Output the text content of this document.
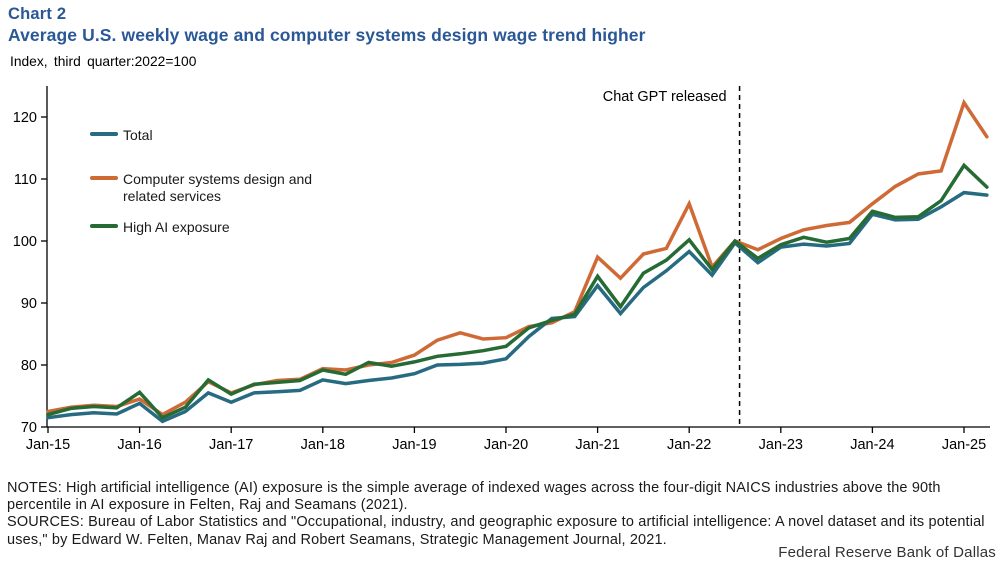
Chart 2
Average U.S. weekly wage and computer systems design wage trend higher
Index, third quarter:2022=100
70
80
90
100
110
120
Jan-15	Jan-16	Jan-17	Jan-18	Jan-19	Jan-20	Jan-21	Jan-22	Jan-23	Jan-24	Jan-25
Chat GPT released
Total
Computer systems design and
related services
High AI exposure
NOTES: High artificial intelligence (AI) exposure is the simple average of indexed wages across the four-digit NAICS industries above the 90th
percentile in AI exposure in Felten, Raj and Seamans (2021).
SOURCES: Bureau of Labor Statistics and "Occupational, industry, and geographic exposure to artificial intelligence: A novel dataset and its potential
uses," by Edward W. Felten, Manav Raj and Robert Seamans, Strategic Management Journal, 2021.
Federal Reserve Bank of Dallas
